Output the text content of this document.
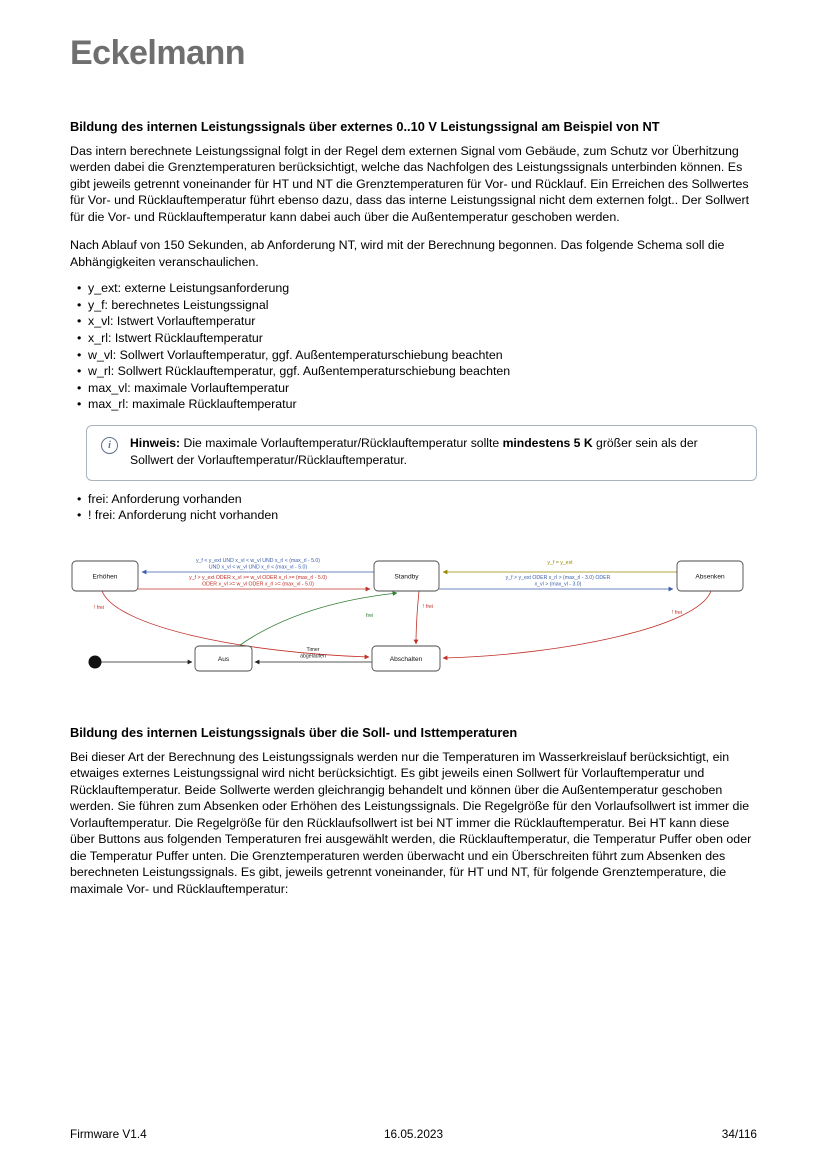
Eckelmann
Bildung des internen Leistungssignals über externes 0..10 V Leistungssignal am Beispiel von NT

Das intern berechnete Leistungssignal folgt in der Regel dem externen Signal vom Gebäude, zum Schutz vor Überhitzung werden dabei die Grenztemperaturen berücksichtigt, welche das Nachfolgen des Leistungssignals unterbinden können. Es gibt jeweils getrennt voneinander für HT und NT die Grenztemperaturen für Vor- und Rücklauf. Ein Erreichen des Sollwertes für Vor- und Rücklauftemperatur führt ebenso dazu, dass das interne Leistungssignal nicht dem externen folgt.. Der Sollwert für die Vor- und Rücklauftemperatur kann dabei auch über die Außentemperatur geschoben werden.

Nach Ablauf von 150 Sekunden, ab Anforderung NT, wird mit der Berechnung begonnen. Das folgende Schema soll die Abhängigkeiten veranschaulichen.

• y_ext: externe Leistungsanforderung
• y_f: berechnetes Leistungssignal
• x_vl: Istwert Vorlauftemperatur
• x_rl: Istwert Rücklauftemperatur
• w_vl: Sollwert Vorlauftemperatur, ggf. Außentemperaturschiebung beachten
• w_rl: Sollwert Rücklauftemperatur, ggf. Außentemperaturschiebung beachten
• max_vl: maximale Vorlauftemperatur
• max_rl: maximale Rücklauftemperatur
i Hinweis: Die maximale Vorlauftemperatur/Rücklauftemperatur sollte mindestens 5 K größer sein als der Sollwert der Vorlauftemperatur/Rücklauftemperatur.
• frei: Anforderung vorhanden
• ! frei: Anforderung nicht vorhanden
y_f < y_ext UND x_vl < w_vl UND x_rl < (max_rl - 5.0)
UND x_vl < w_vl UND x_rl < (max_vl - 5.0)
y_f > y_ext ODER x_vl >= w_vl ODER x_rl >= (max_rl - 5.0)
ODER x_vl >= w_vl ODER x_rl >= (max_vl - 5.0)
y_f = y_ext
y_f > y_ext ODER x_rl > (max_rl - 3.0) ODER
x_vl > (max_vl - 3.0)
! frei	! frei
! frei
frei
Timer
abgelaufen
Erhöhen	Standby	Absenken
Aus	Abschalten
Bildung des internen Leistungssignals über die Soll- und Isttemperaturen

Bei dieser Art der Berechnung des Leistungssignals werden nur die Temperaturen im Wasserkreislauf berücksichtigt, ein etwaiges externes Leistungssignal wird nicht berücksichtigt. Es gibt jeweils einen Sollwert für Vorlauftemperatur und Rücklauftemperatur. Beide Sollwerte werden gleichrangig behandelt und können über die Außentemperatur geschoben werden. Sie führen zum Absenken oder Erhöhen des Leistungssignals. Die Regelgröße für den Vorlaufsollwert ist immer die Vorlauftemperatur. Die Regelgröße für den Rücklaufsollwert ist bei NT immer die Rücklauftemperatur. Bei HT kann diese über Buttons aus folgenden Temperaturen frei ausgewählt werden, die Rücklauftemperatur, die Temperatur Puffer oben oder die Temperatur Puffer unten. Die Grenztemperaturen werden überwacht und ein Überschreiten führt zum Absenken des berechneten Leistungssignals. Es gibt, jeweils getrennt voneinander, für HT und NT, für folgende Grenztemperature, die maximale Vor- und Rücklauftemperatur:

Firmware V1.4	16.05.2023	34/116
